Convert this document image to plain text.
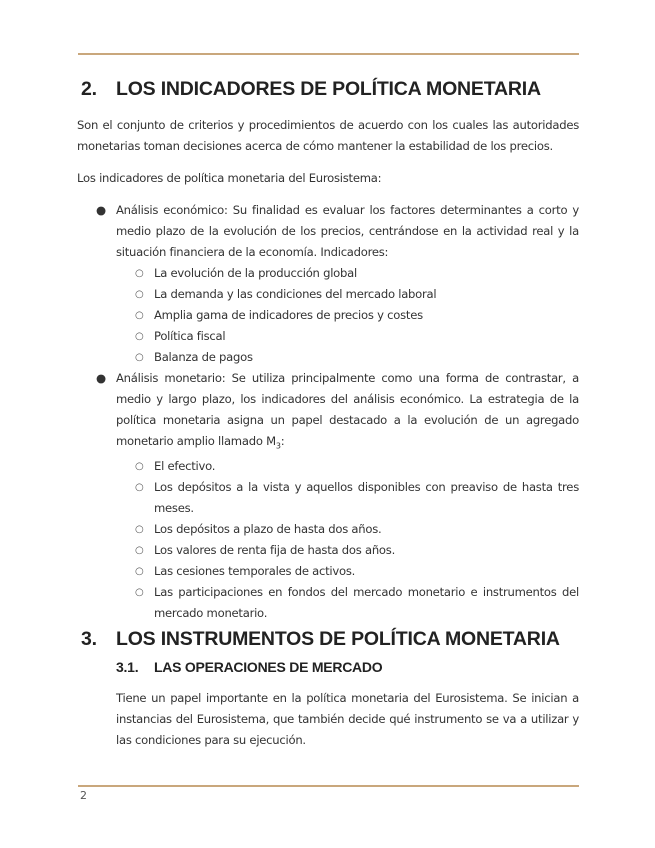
2. LOS INDICADORES DE POLÍTICA MONETARIA

Son el conjunto de criterios y procedimientos de acuerdo con los cuales las autoridades monetarias toman decisiones acerca de cómo mantener la estabilidad de los precios.

Los indicadores de política monetaria del Eurosistema:

● Análisis económico: Su finalidad es evaluar los factores determinantes a corto y medio plazo de la evolución de los precios, centrándose en la actividad real y la situación financiera de la economía. Indicadores:
○ La evolución de la producción global
○ La demanda y las condiciones del mercado laboral
○ Amplia gama de indicadores de precios y costes
○ Política fiscal
○ Balanza de pagos
● Análisis monetario: Se utiliza principalmente como una forma de contrastar, a medio y largo plazo, los indicadores del análisis económico. La estrategia de la política monetaria asigna un papel destacado a la evolución de un agregado monetario amplio llamado $M_3$:
○ El efectivo.
○ Los depósitos a la vista y aquellos disponibles con preaviso de hasta tres meses.
○ Los depósitos a plazo de hasta dos años.
○ Los valores de renta fija de hasta dos años.
○ Las cesiones temporales de activos.
○ Las participaciones en fondos del mercado monetario e instrumentos del mercado monetario.
3. LOS INSTRUMENTOS DE POLÍTICA MONETARIA
3.1.	LAS OPERACIONES DE MERCADO

Tiene un papel importante en la política monetaria del Eurosistema. Se inician a instancias del Eurosistema, que también decide qué instrumento se va a utilizar y las condiciones para su ejecución.

2
